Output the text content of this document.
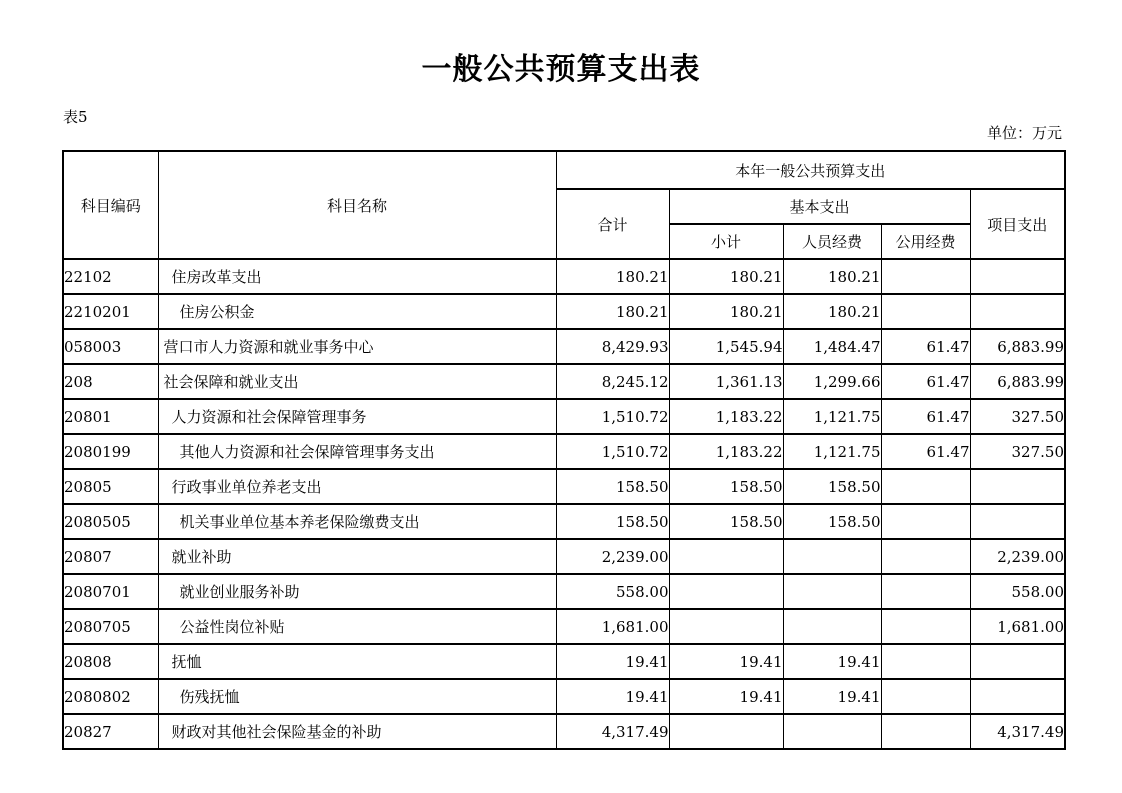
一般公共预算支出表
表5
单位：万元
科目编码	科目名称	本年一般公共预算支出				
		合计	基本支出			项目支出
			小计	人员经费	公用经费	
22102	住房改革支出	180.21	180.21	180.21		
2210201	住房公积金	180.21	180.21	180.21		
058003	营口市人力资源和就业事务中心	8,429.93	1,545.94	1,484.47	61.47	6,883.99
208	社会保障和就业支出	8,245.12	1,361.13	1,299.66	61.47	6,883.99
20801	人力资源和社会保障管理事务	1,510.72	1,183.22	1,121.75	61.47	327.50
2080199	其他人力资源和社会保障管理事务支出	1,510.72	1,183.22	1,121.75	61.47	327.50
20805	行政事业单位养老支出	158.50	158.50	158.50		
2080505	机关事业单位基本养老保险缴费支出	158.50	158.50	158.50		
20807	就业补助	2,239.00				2,239.00
2080701	就业创业服务补助	558.00				558.00
2080705	公益性岗位补贴	1,681.00				1,681.00
20808	抚恤	19.41	19.41	19.41		
2080802	伤残抚恤	19.41	19.41	19.41		
20827	财政对其他社会保险基金的补助	4,317.49				4,317.49
